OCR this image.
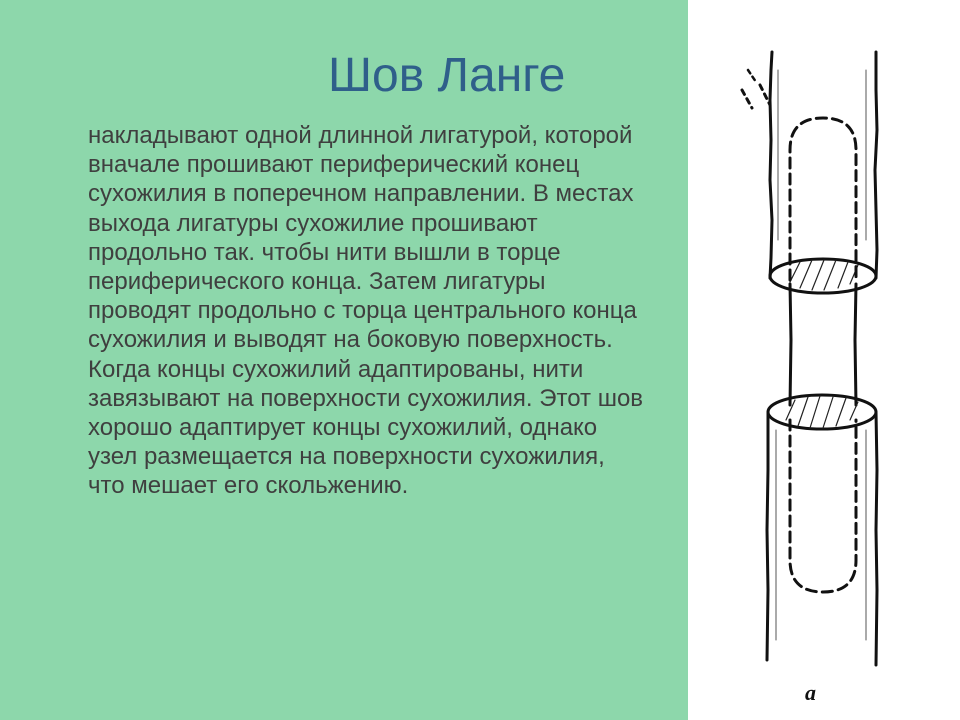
Шов Ланге

накладывают одной длинной лигатурой, которой вначале прошивают периферический конец сухожилия в поперечном направлении. В местах выхода лигатуры сухожилие прошивают продольно так. чтобы нити вышли в торце периферического конца. Затем лигатуры проводят продольно с торца центрального конца сухожилия и выводят на боковую поверхность. Когда концы сухожилий адаптированы, нити завязывают на поверхности сухожилия. Этот шов хорошо адаптирует концы сухожилий, однако узел размещается на поверхности сухожилия, что мешает его скольжению.

а
